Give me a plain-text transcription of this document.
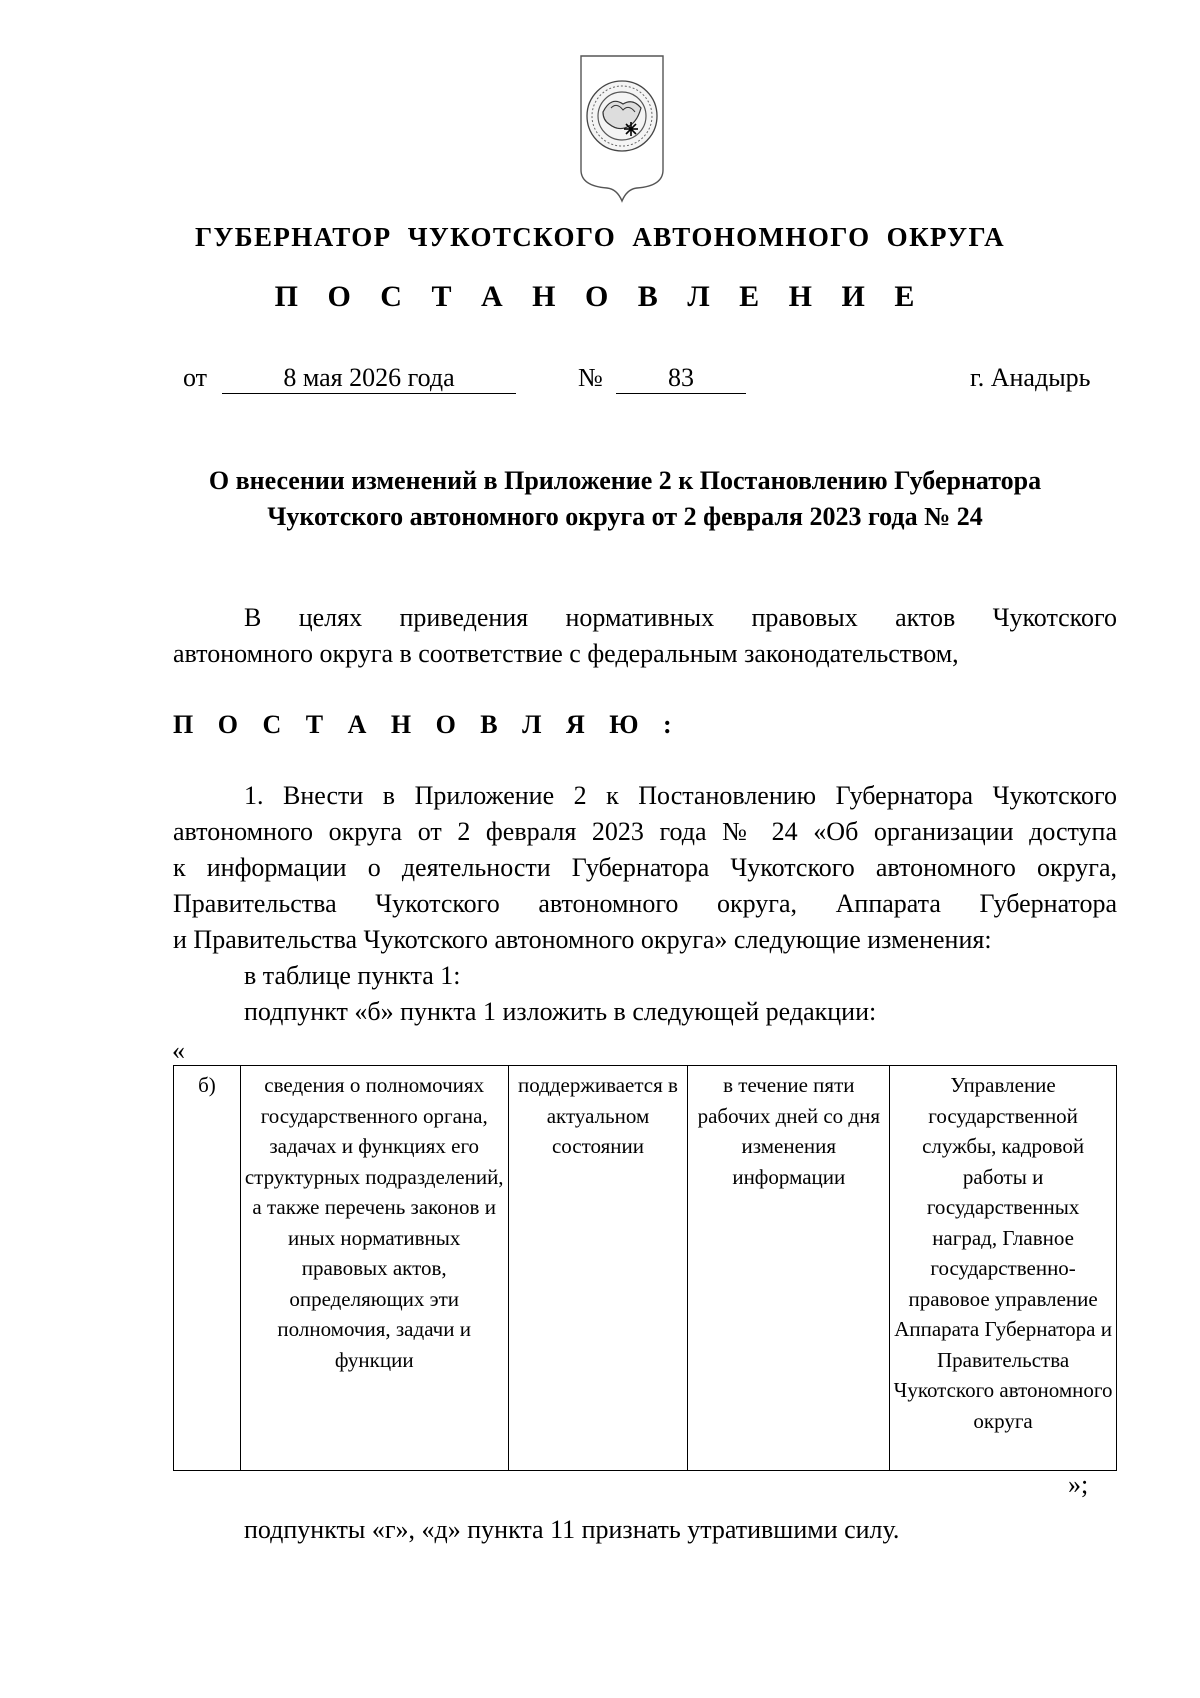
ГУБЕРНАТОР ЧУКОТСКОГО АВТОНОМНОГО ОКРУГА
П О С Т А Н О В Л Е Н И Е
от	8 мая 2026 года	№	83	г. Анадырь
О внесении изменений в Приложение 2 к Постановлению Губернатора
Чукотского автономного округа от 2 февраля 2023 года № 24
В целях приведения нормативных правовых актов Чукотского
автономного округа в соответствие с федеральным законодательством,
П О С Т А Н О В Л Я Ю :
1. Внести в Приложение 2 к Постановлению Губернатора Чукотского
автономного округа от 2 февраля 2023 года № 24 «Об организации доступа
к информации о деятельности Губернатора Чукотского автономного округа,
Правительства Чукотского автономного округа, Аппарата Губернатора
и Правительства Чукотского автономного округа» следующие изменения:
в таблице пункта 1:
подпункт «б» пункта 1 изложить в следующей редакции:
«
б)	сведения о полномочиях государственного органа, задачах и функциях его структурных подразделений, а также перечень законов и иных нормативных правовых актов, определяющих эти полномочия, задачи и функции	поддерживается в актуальном состоянии	в течение пяти рабочих дней со дня изменения информации	Управление государственной службы, кадровой работы и государственных наград, Главное государственно-правовое управление Аппарата Губернатора и Правительства Чукотского автономного округа
»;
подпункты «г», «д» пункта 11 признать утратившими силу.
